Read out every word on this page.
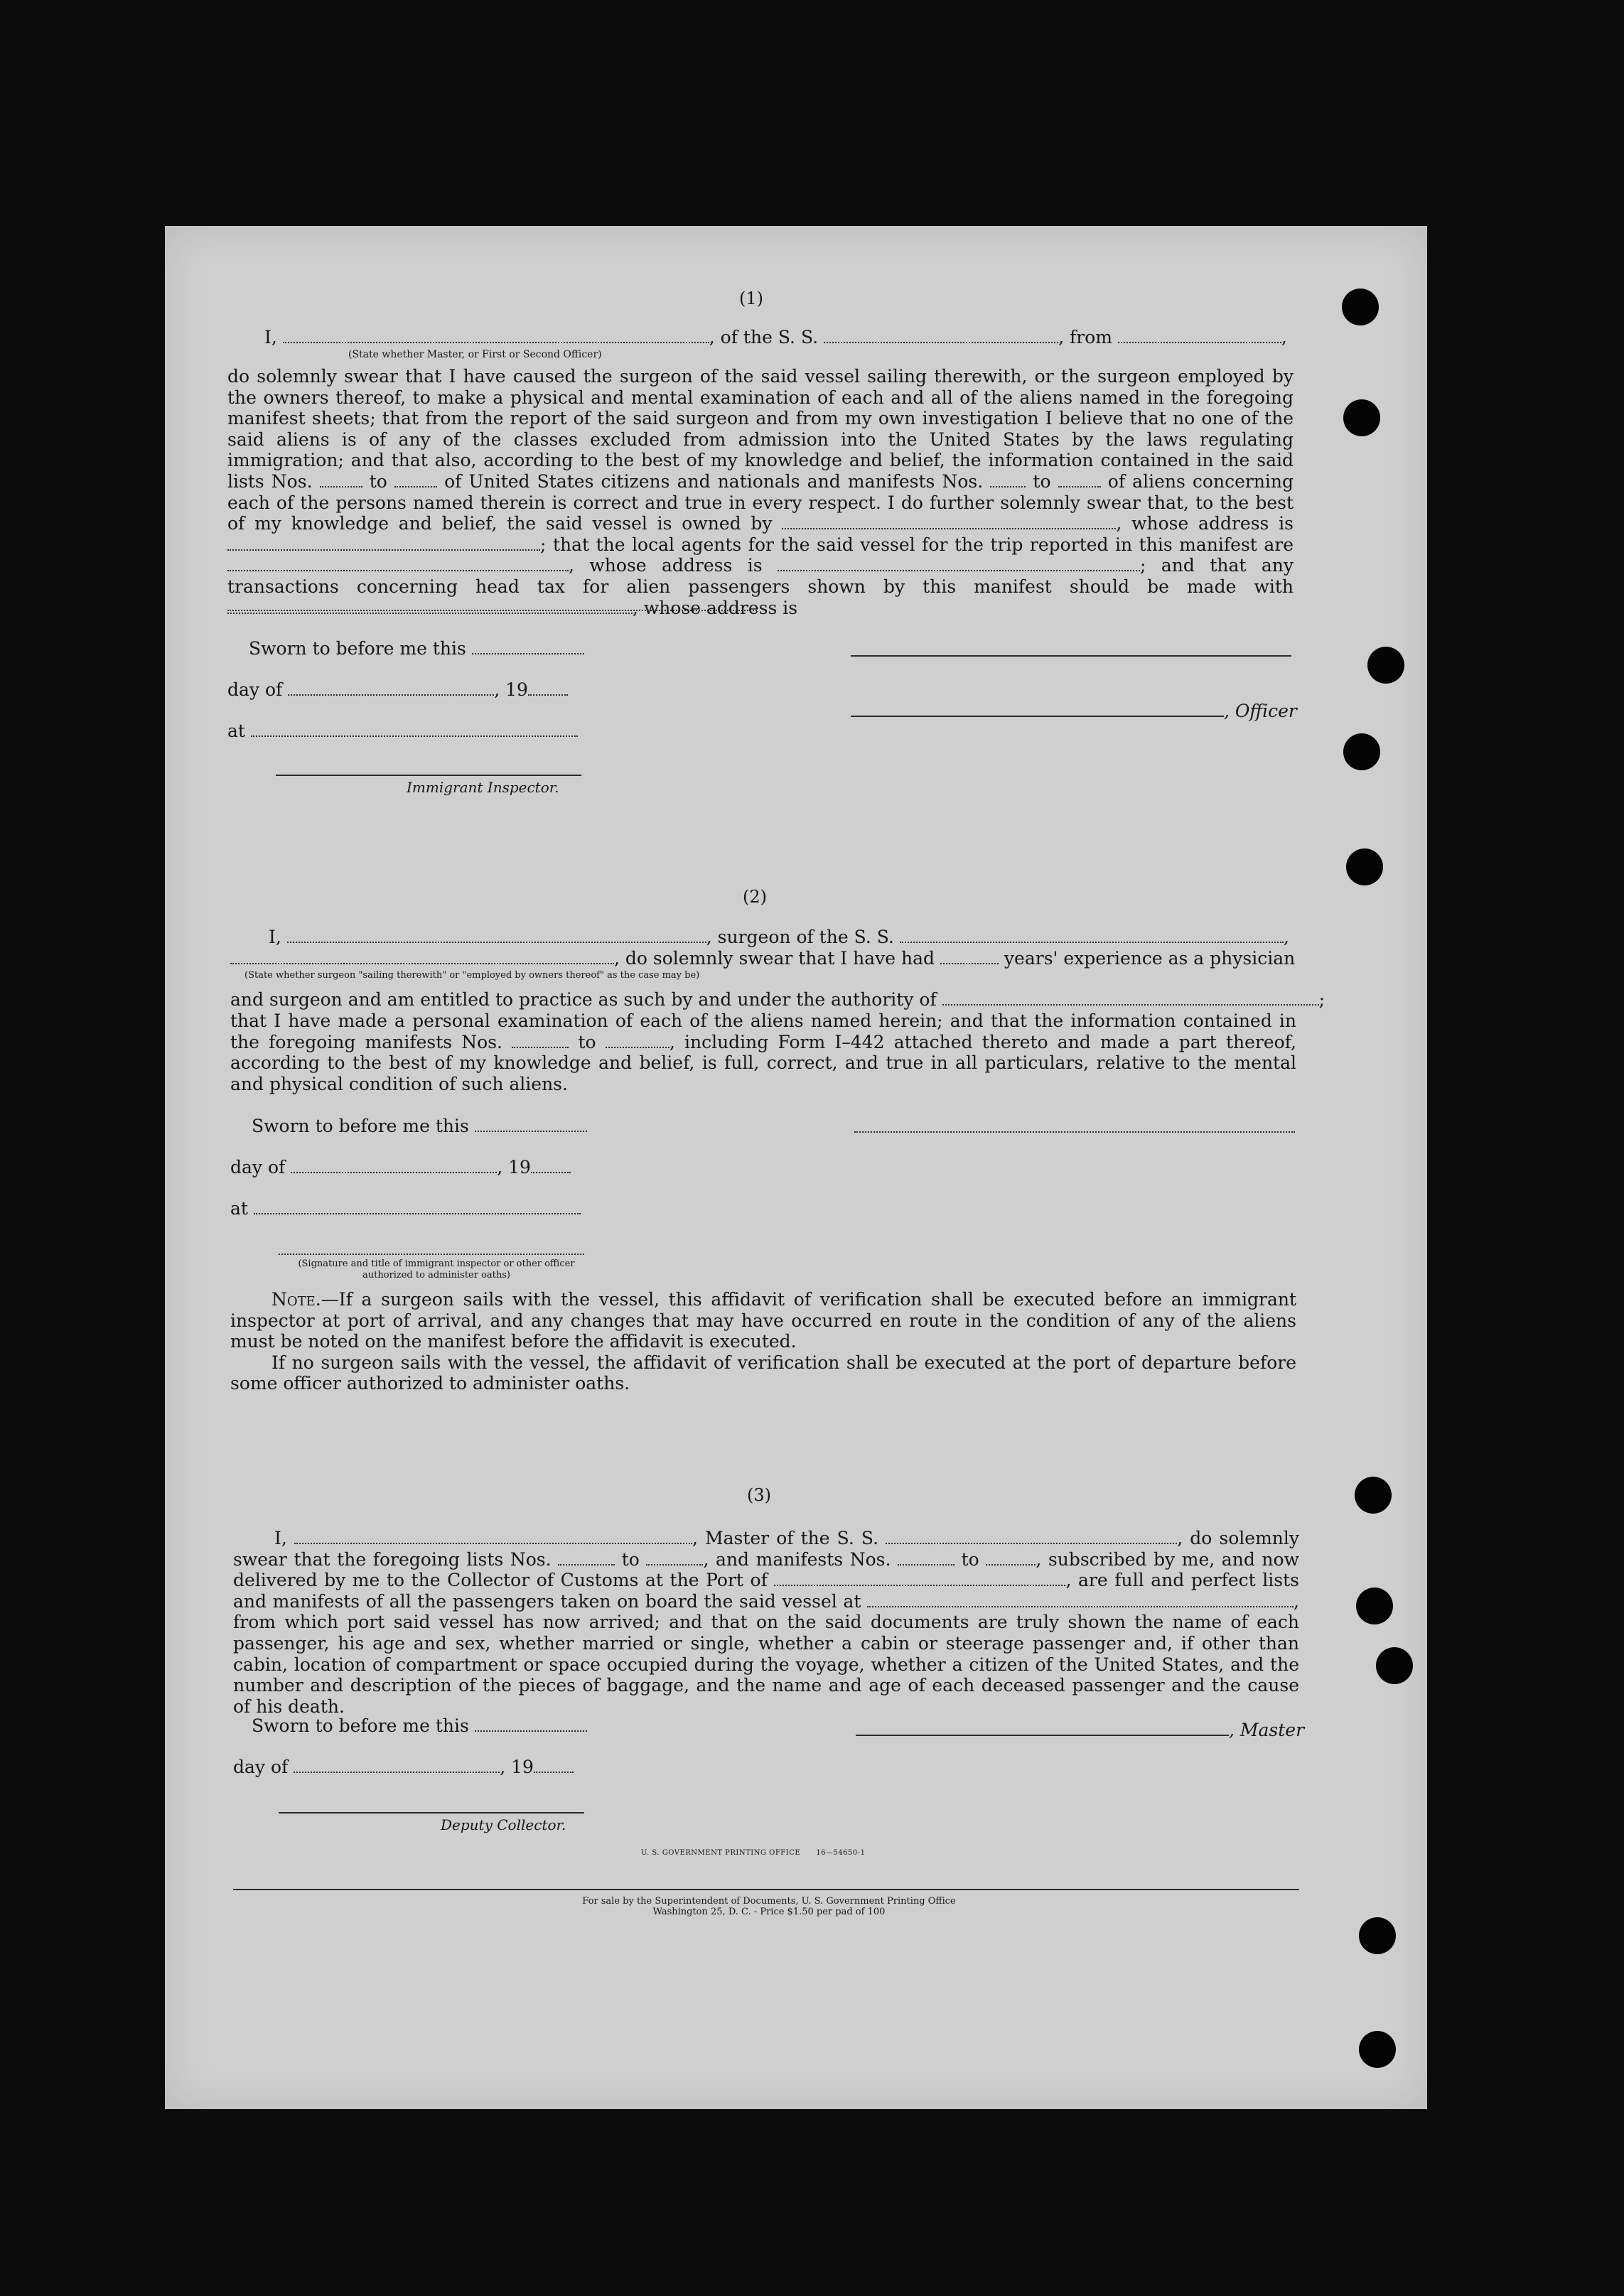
(1)
I,	, of the S. S.	, from	,
(State whether Master, or First or Second Officer)

do solemnly swear that I have caused the surgeon of the said vessel sailing therewith, or the surgeon employed by the owners thereof, to make a physical and mental examination of each and all of the aliens named in the foregoing manifest sheets; that from the report of the said surgeon and from my own investigation I believe that no one of the said aliens is of any of the classes excluded from admission into the United States by the laws regulating immigration; and that also, according to the best of my knowledge and belief, the information contained in the said lists Nos.	to	of United States citizens and nationals and manifests Nos.	to	of aliens concerning each of the persons named therein is correct and true in every respect. I do further solemnly swear that, to the best of my knowledge and belief, the said vessel is owned by	, whose address is ; that the local agents for the said vessel for the trip reported in this manifest are , whose address is	; and that any transactions concerning head tax for alien passengers shown by this manifest should be made with , whose address is

Sworn to before me this
day of	, 19
at
Immigrant Inspector.
, Officer
(2)
I,	, surgeon of the S. S.	,
, do solemnly swear that I have had	years' experience as a physician
(State whether surgeon "sailing therewith" or "employed by owners thereof" as the case may be)
and surgeon and am entitled to practice as such by and under the authority of	;

that I have made a personal examination of each of the aliens named herein; and that the information contained in the foregoing manifests Nos.	to	, including Form I–442 attached thereto and made a part thereof, according to the best of my knowledge and belief, is full, correct, and true in all particulars, relative to the mental and physical condition of such aliens.

Sworn to before me this
day of	, 19
at
(Signature and title of immigrant inspector or other officer authorized to administer oaths)

Note.—If a surgeon sails with the vessel, this affidavit of verification shall be executed before an immigrant inspector at port of arrival, and any changes that may have occurred en route in the condition of any of the aliens must be noted on the manifest before the affidavit is executed.

If no surgeon sails with the vessel, the affidavit of verification shall be executed at the port of departure before some officer authorized to administer oaths.

(3)

I,	, Master of the S. S.	, do solemnly swear that the foregoing lists Nos.	to	, and manifests Nos.	to	, subscribed by me, and now delivered by me to the Collector of Customs at the Port of	, are full and perfect lists and manifests of all the passengers taken on board the said vessel at	, from which port said vessel has now arrived; and that on the said documents are truly shown the name of each passenger, his age and sex, whether married or single, whether a cabin or steerage passenger and, if other than cabin, location of compartment or space occupied during the voyage, whether a citizen of the United States, and the number and description of the pieces of baggage, and the name and age of each deceased passenger and the cause of his death.

Sworn to before me this	, Master
day of	, 19
Deputy Collector.
U. S. GOVERNMENT PRINTING OFFICE      16—54650-1
For sale by the Superintendent of Documents, U. S. Government Printing Office
Washington 25, D. C. - Price $1.50 per pad of 100
